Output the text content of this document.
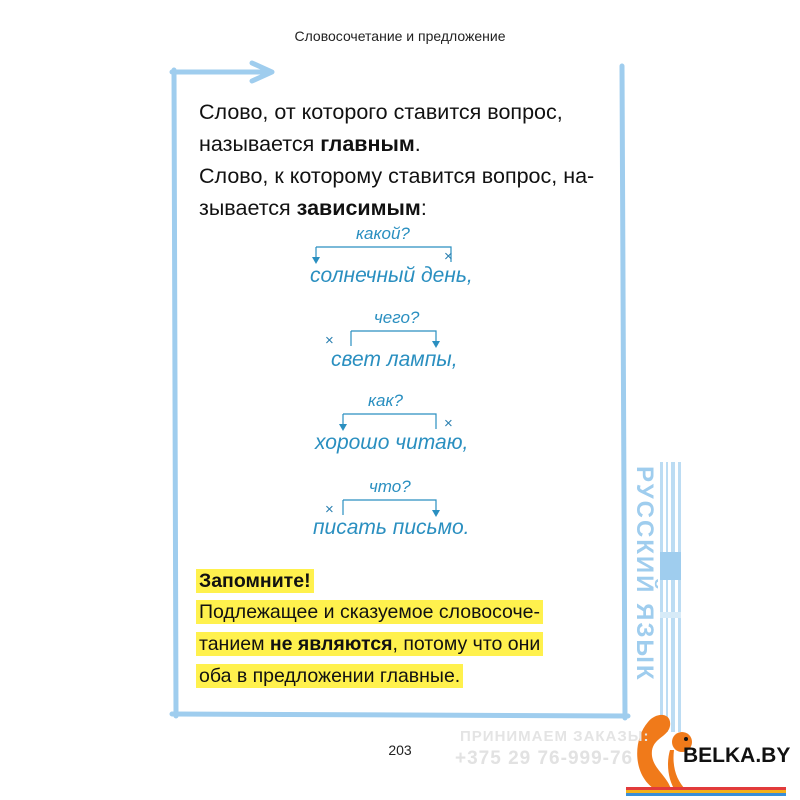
Словосочетание и предложение
Слово, от которого ставится вопрос,
называется главным.
Слово, к которому ставится вопрос, на-
зывается зависимым:
какой?
×
солнечный день,
чего?
×
свет лампы,
как?
×
хорошо читаю,
что?
×
писать письмо.
Запомните!
Подлежащее и сказуемое словосоче-
танием не являются, потому что они
оба в предложении главные.	РУССКИЙ ЯЗЫК
203
ПРИНИМАЕМ ЗАКАЗЫ:
+375 29 76-999-76 BELKA.BY
